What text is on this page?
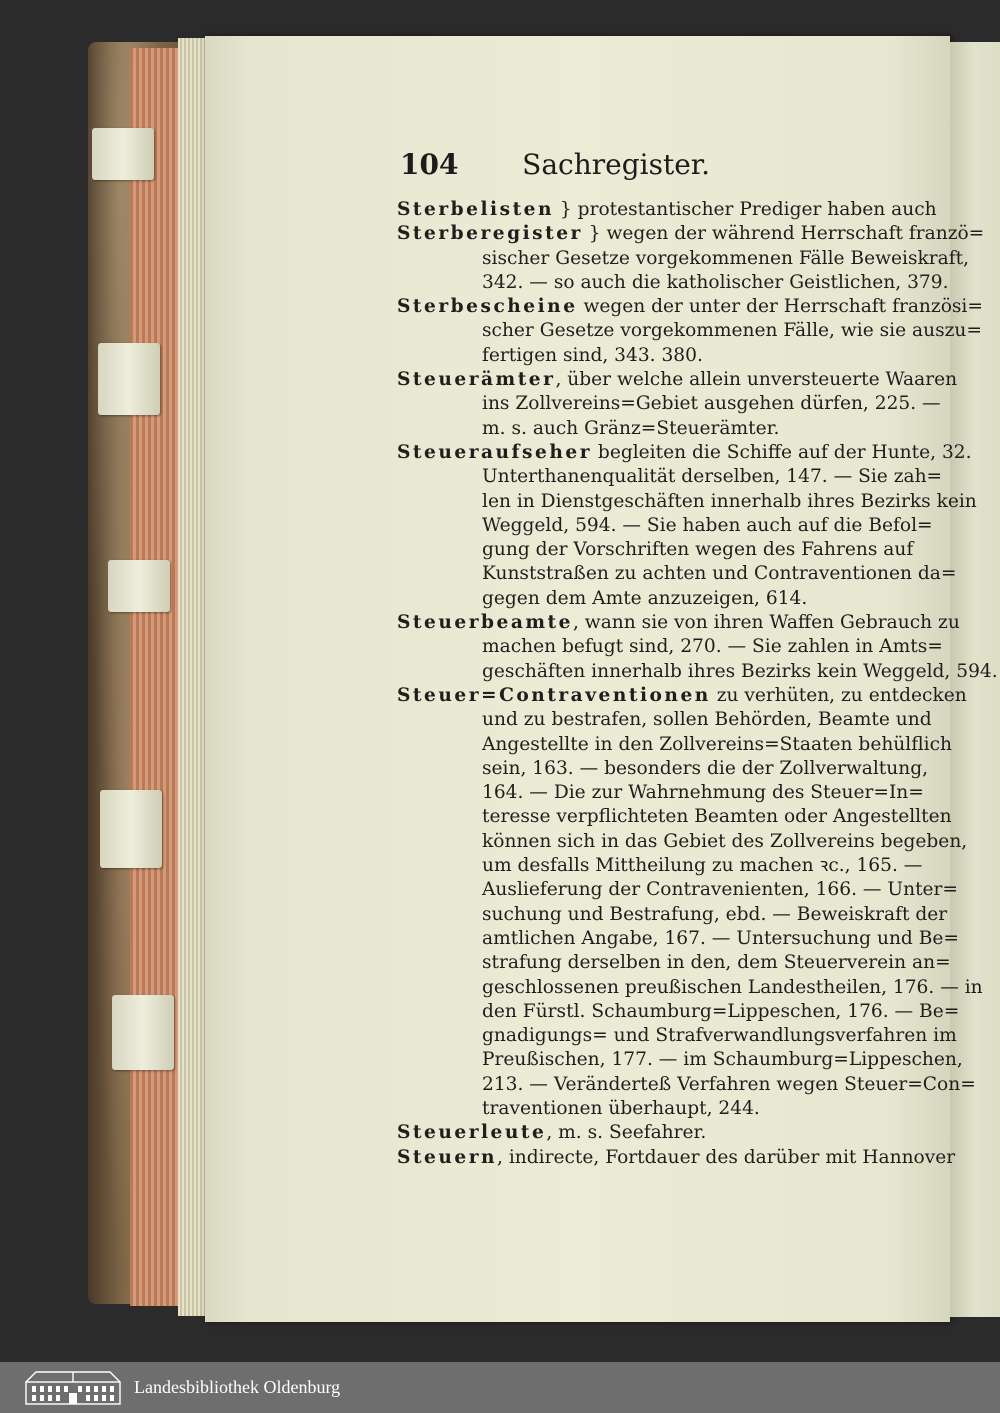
104 Sachregister.
Sterbelisten } protestantischer Prediger haben auch
Sterberegister } wegen der während Herrschaft franzö=
sischer Gesetze vorgekommenen Fälle Beweiskraft,
342. — so auch die katholischer Geistlichen, 379.
Sterbescheine wegen der unter der Herrschaft französi=
scher Gesetze vorgekommenen Fälle, wie sie auszu=
fertigen sind, 343. 380.
Steuerämter, über welche allein unversteuerte Waaren
ins Zollvereins=Gebiet ausgehen dürfen, 225. —
m. s. auch Gränz=Steuerämter.
Steueraufseher begleiten die Schiffe auf der Hunte, 32.
Unterthanenqualität derselben, 147. — Sie zah=
len in Dienstgeschäften innerhalb ihres Bezirks kein
Weggeld, 594. — Sie haben auch auf die Befol=
gung der Vorschriften wegen des Fahrens auf
Kunststraßen zu achten und Contraventionen da=
gegen dem Amte anzuzeigen, 614.
Steuerbeamte, wann sie von ihren Waffen Gebrauch zu
machen befugt sind, 270. — Sie zahlen in Amts=
geschäften innerhalb ihres Bezirks kein Weggeld, 594.
Steuer=Contraventionen zu verhüten, zu entdecken
und zu bestrafen, sollen Behörden, Beamte und
Angestellte in den Zollvereins=Staaten behülflich
sein, 163. — besonders die der Zollverwaltung,
164. — Die zur Wahrnehmung des Steuer=In=
teresse verpflichteten Beamten oder Angestellten
können sich in das Gebiet des Zollvereins begeben,
um desfalls Mittheilung zu machen ꝛc., 165. —
Auslieferung der Contravenienten, 166. — Unter=
suchung und Bestrafung, ebd. — Beweiskraft der
amtlichen Angabe, 167. — Untersuchung und Be=
strafung derselben in den, dem Steuerverein an=
geschlossenen preußischen Landestheilen, 176. — in
den Fürstl. Schaumburg=Lippeschen, 176. — Be=
gnadigungs= und Strafverwandlungsverfahren im
Preußischen, 177. — im Schaumburg=Lippeschen,
213. — Veränderteß Verfahren wegen Steuer=Con=
traventionen überhaupt, 244.
Steuerleute, m. s. Seefahrer.
Steuern, indirecte, Fortdauer des darüber mit Hannover
Landesbibliothek Oldenburg
